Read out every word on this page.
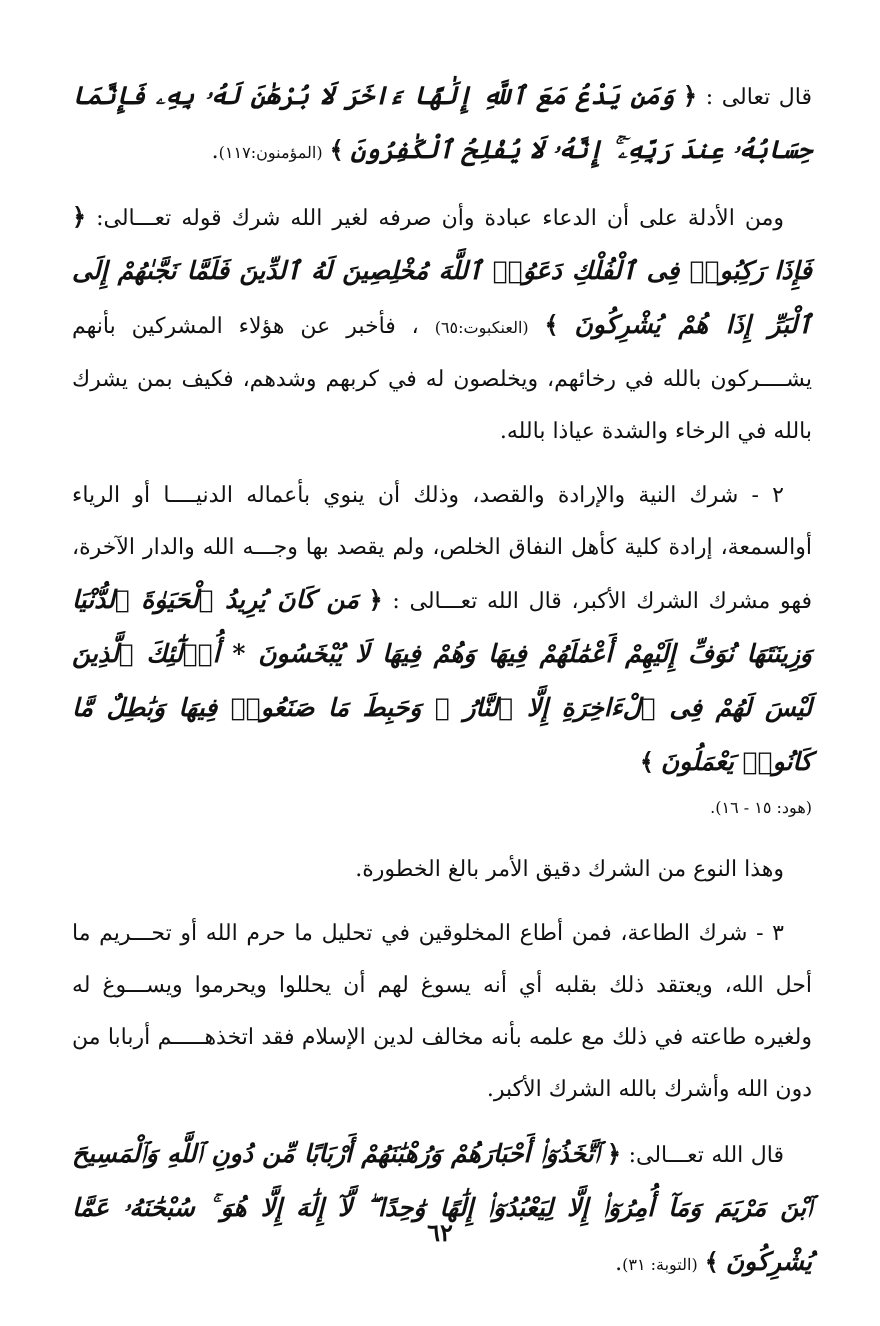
قال تعالى : ﴿ وَمَن يَدْعُ مَعَ ٱللَّهِ إِلَٰهًا ءَاخَرَ لَا بُرْهَٰنَ لَهُۥ بِهِۦ فَإِنَّمَا حِسَابُهُۥ عِندَ رَبِّهِۦٓ ۚ إِنَّهُۥ لَا يُفْلِحُ ٱلْكَٰفِرُونَ ﴾ (المؤمنون:١١٧).

ومن الأدلة على أن الدعاء عبادة وأن صرفه لغير الله شرك قوله تعـــالى: ﴿ فَإِذَا رَكِبُوا۟ فِى ٱلْفُلْكِ دَعَوُا۟ ٱللَّهَ مُخْلِصِينَ لَهُ ٱلدِّينَ فَلَمَّا نَجَّىٰهُمْ إِلَى ٱلْبَرِّ إِذَا هُمْ يُشْرِكُونَ ﴾ (العنكبوت:٦٥) ، فأخبر عن هؤلاء المشركين بأنهم يشــــركون بالله في رخائهم، ويخلصون له في كربهم وشدهم، فكيف بمن يشرك بالله في الرخاء والشدة عياذا بالله.

٢ - شرك النية والإرادة والقصد، وذلك أن ينوي بأعماله الدنيــــا أو الرياء أوالسمعة، إرادة كلية كأهل النفاق الخلص، ولم يقصد بها وجـــه الله والدار الآخرة، فهو مشرك الشرك الأكبر، قال الله تعـــالى : ﴿ مَن كَانَ يُرِيدُ ٱلْحَيَوٰةَ ٱلدُّنْيَا وَزِينَتَهَا نُوَفِّ إِلَيْهِمْ أَعْمَٰلَهُمْ فِيهَا وَهُمْ فِيهَا لَا يُبْخَسُونَ * أُو۟لَٰٓئِكَ ٱلَّذِينَ لَيْسَ لَهُمْ فِى ٱلْءَاخِرَةِ إِلَّا ٱلنَّارُ ۖ وَحَبِطَ مَا صَنَعُوا۟ فِيهَا وَبَٰطِلٌ مَّا كَانُوا۟ يَعْمَلُونَ ﴾

(هود: ١٥ - ١٦).

وهذا النوع من الشرك دقيق الأمر بالغ الخطورة.

٣ - شرك الطاعة، فمن أطاع المخلوقين في تحليل ما حرم الله أو تحـــريم ما أحل الله، ويعتقد ذلك بقلبه أي أنه يسوغ لهم أن يحللوا ويحرموا ويســـوغ له ولغيره طاعته في ذلك مع علمه بأنه مخالف لدين الإسلام فقد اتخذهـــــم أربابا من دون الله وأشرك بالله الشرك الأكبر.

قال الله تعـــالى: ﴿ ٱتَّخَذُوٓا۟ أَحْبَارَهُمْ وَرُهْبَٰنَهُمْ أَرْبَابًا مِّن دُونِ ٱللَّهِ وَٱلْمَسِيحَ ٱبْنَ مَرْيَمَ وَمَآ أُمِرُوٓا۟ إِلَّا لِيَعْبُدُوٓا۟ إِلَٰهًا وَٰحِدًا ۖ لَّآ إِلَٰهَ إِلَّا هُوَ ۚ سُبْحَٰنَهُۥ عَمَّا يُشْرِكُونَ ﴾ (التوبة: ٣١).

٦٢
